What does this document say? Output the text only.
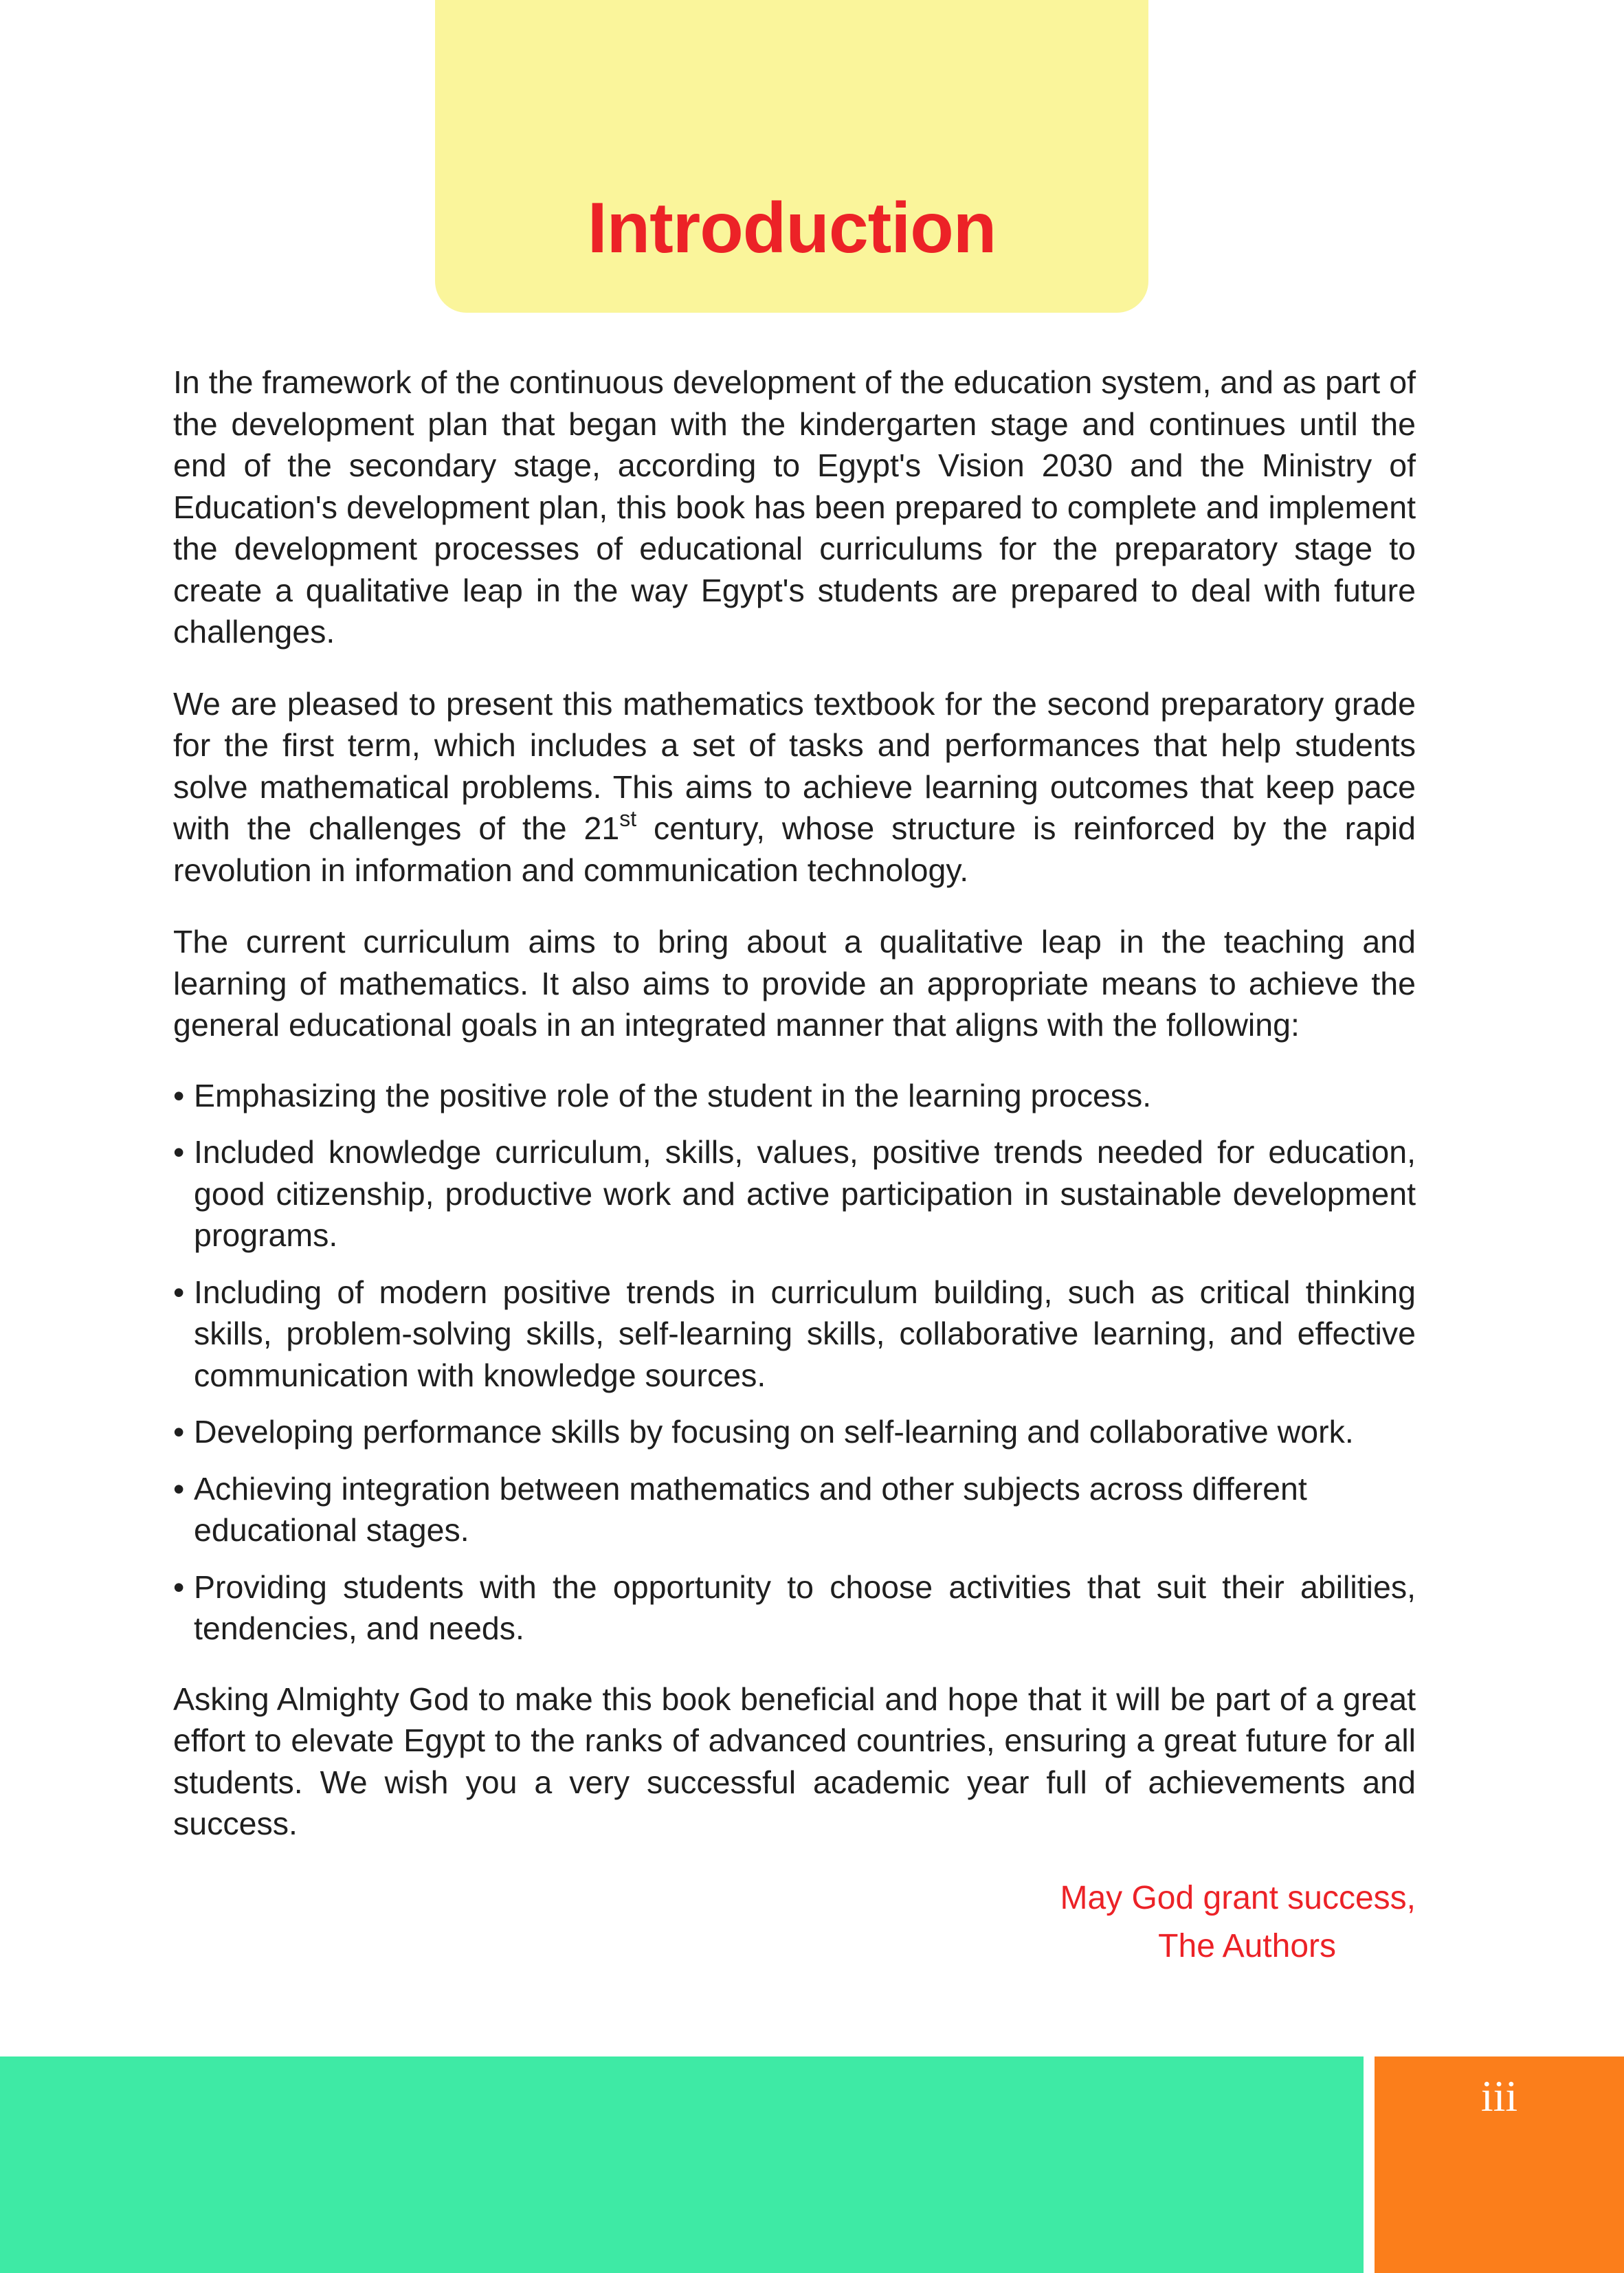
Introduction

In the framework of the continuous development of the education system, and as part of the development plan that began with the kindergarten stage and continues until the end of the secondary stage, according to Egypt's Vision 2030 and the Ministry of Education's development plan, this book has been prepared to complete and implement the development processes of educational curriculums for the preparatory stage to create a qualitative leap in the way Egypt's students are prepared to deal with future challenges.

We are pleased to present this mathematics textbook for the second preparatory grade for the first term, which includes a set of tasks and performances that help students solve mathematical problems. This aims to achieve learning outcomes that keep pace with the challenges of the 21st century, whose structure is reinforced by the rapid revolution in information and communication technology.

The current curriculum aims to bring about a qualitative leap in the teaching and learning of mathematics. It also aims to provide an appropriate means to achieve the general educational goals in an integrated manner that aligns with the following:

• Emphasizing the positive role of the student in the learning process.
• Included knowledge curriculum, skills, values, positive trends needed for education, good citizenship, productive work and active participation in sustainable development programs.
• Including of modern positive trends in curriculum building, such as critical thinking skills, problem-solving skills, self-learning skills, collaborative learning, and effective communication with knowledge sources.
• Developing performance skills by focusing on self-learning and collaborative work.
• Achieving integration between mathematics and other subjects across different educational stages.
• Providing students with the opportunity to choose activities that suit their abilities, tendencies, and needs.

Asking Almighty God to make this book beneficial and hope that it will be part of a great effort to elevate Egypt to the ranks of advanced countries, ensuring a great future for all students. We wish you a very successful academic year full of achievements and success.

May God grant success,
The Authors
iii
